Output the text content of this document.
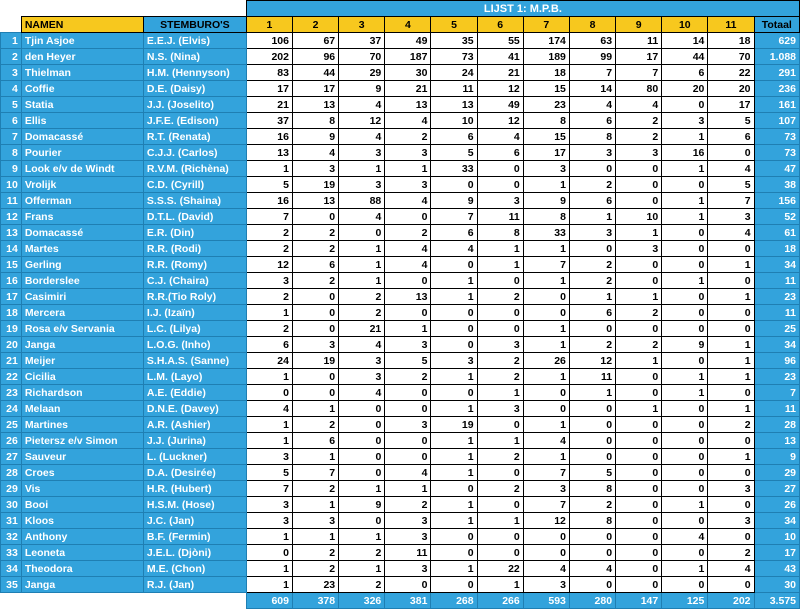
			LIJST 1: M.P.B.											
	NAMEN	STEMBURO'S	1	2	3	4	5	6	7	8	9	10	11	Totaal
1	Tjin Asjoe	E.E.J. (Elvis)	106	67	37	49	35	55	174	63	11	14	18	629
2	den Heyer	N.S. (Nina)	202	96	70	187	73	41	189	99	17	44	70	1.088
3	Thielman	H.M. (Hennyson)	83	44	29	30	24	21	18	7	7	6	22	291
4	Coffie	D.E. (Daisy)	17	17	9	21	11	12	15	14	80	20	20	236
5	Statia	J.J. (Joselito)	21	13	4	13	13	49	23	4	4	0	17	161
6	Ellis	J.F.E. (Edison)	37	8	12	4	10	12	8	6	2	3	5	107
7	Domacassé	R.T. (Renata)	16	9	4	2	6	4	15	8	2	1	6	73
8	Pourier	C.J.J. (Carlos)	13	4	3	3	5	6	17	3	3	16	0	73
9	Look e/v de Windt	R.V.M. (Richèna)	1	3	1	1	33	0	3	0	0	1	4	47
10	Vrolijk	C.D. (Cyrill)	5	19	3	3	0	0	1	2	0	0	5	38
11	Offerman	S.S.S. (Shaina)	16	13	88	4	9	3	9	6	0	1	7	156
12	Frans	D.T.L. (David)	7	0	4	0	7	11	8	1	10	1	3	52
13	Domacassé	E.R. (Din)	2	2	0	2	6	8	33	3	1	0	4	61
14	Martes	R.R. (Rodi)	2	2	1	4	4	1	1	0	3	0	0	18
15	Gerling	R.R. (Romy)	12	6	1	4	0	1	7	2	0	0	1	34
16	Borderslee	C.J. (Chaira)	3	2	1	0	1	0	1	2	0	1	0	11
17	Casimiri	R.R.(Tio Roly)	2	0	2	13	1	2	0	1	1	0	1	23
18	Mercera	I.J. (Izaïn)	1	0	2	0	0	0	0	6	2	0	0	11
19	Rosa e/v Servania	L.C. (Lilya)	2	0	21	1	0	0	1	0	0	0	0	25
20	Janga	L.O.G. (Inho)	6	3	4	3	0	3	1	2	2	9	1	34
21	Meijer	S.H.A.S. (Sanne)	24	19	3	5	3	2	26	12	1	0	1	96
22	Cicilia	L.M. (Layo)	1	0	3	2	1	2	1	11	0	1	1	23
23	Richardson	A.E. (Eddie)	0	0	4	0	0	1	0	1	0	1	0	7
24	Melaan	D.N.E. (Davey)	4	1	0	0	1	3	0	0	1	0	1	11
25	Martines	A.R. (Ashier)	1	2	0	3	19	0	1	0	0	0	2	28
26	Pietersz e/v Simon	J.J. (Jurina)	1	6	0	0	1	1	4	0	0	0	0	13
27	Sauveur	L. (Luckner)	3	1	0	0	1	2	1	0	0	0	1	9
28	Croes	D.A. (Desirée)	5	7	0	4	1	0	7	5	0	0	0	29
29	Vis	H.R. (Hubert)	7	2	1	1	0	2	3	8	0	0	3	27
30	Booi	H.S.M. (Hose)	3	1	9	2	1	0	7	2	0	1	0	26
31	Kloos	J.C. (Jan)	3	3	0	3	1	1	12	8	0	0	3	34
32	Anthony	B.F. (Fermin)	1	1	1	3	0	0	0	0	0	4	0	10
33	Leoneta	J.E.L. (Djòni)	0	2	2	11	0	0	0	0	0	0	2	17
34	Theodora	M.E. (Chon)	1	2	1	3	1	22	4	4	0	1	4	43
35	Janga	R.J. (Jan)	1	23	2	0	0	1	3	0	0	0	0	30
			609	378	326	381	268	266	593	280	147	125	202	3.575
